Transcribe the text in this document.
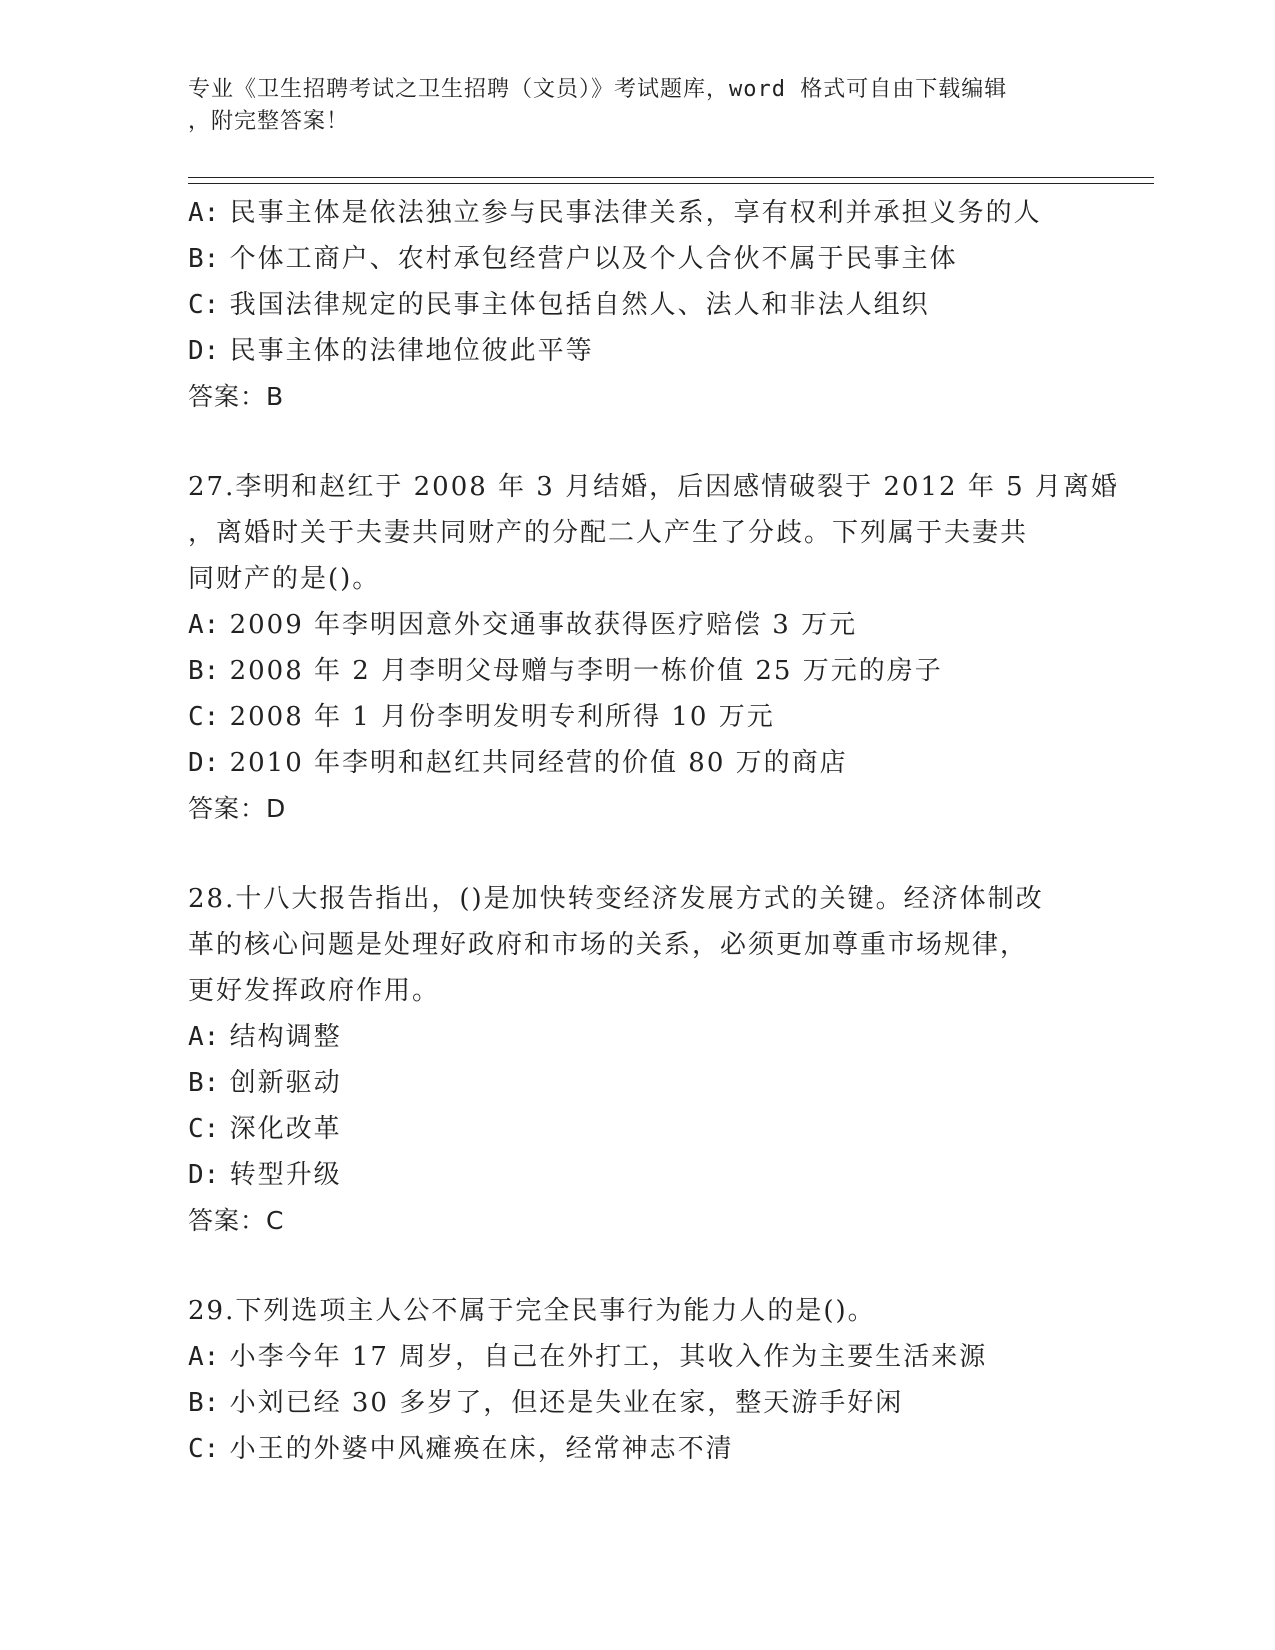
专业《卫生招聘考试之卫生招聘（文员）》考试题库，word 格式可自由下载编辑
，附完整答案！
A: 民事主体是依法独立参与民事法律关系，享有权利并承担义务的人
B: 个体工商户、农村承包经营户以及个人合伙不属于民事主体
C: 我国法律规定的民事主体包括自然人、法人和非法人组织
D: 民事主体的法律地位彼此平等
答案：B
27.李明和赵红于 2008 年 3 月结婚，后因感情破裂于 2012 年 5 月离婚
，离婚时关于夫妻共同财产的分配二人产生了分歧。下列属于夫妻共
同财产的是()。
A: 2009 年李明因意外交通事故获得医疗赔偿 3 万元
B: 2008 年 2 月李明父母赠与李明一栋价值 25 万元的房子
C: 2008 年 1 月份李明发明专利所得 10 万元
D: 2010 年李明和赵红共同经营的价值 80 万的商店
答案：D
28.十八大报告指出，()是加快转变经济发展方式的关键。经济体制改
革的核心问题是处理好政府和市场的关系，必须更加尊重市场规律，
更好发挥政府作用。
A: 结构调整
B: 创新驱动
C: 深化改革
D: 转型升级
答案：C
29.下列选项主人公不属于完全民事行为能力人的是()。
A: 小李今年 17 周岁，自己在外打工，其收入作为主要生活来源
B: 小刘已经 30 多岁了，但还是失业在家，整天游手好闲
C: 小王的外婆中风瘫痪在床，经常神志不清
